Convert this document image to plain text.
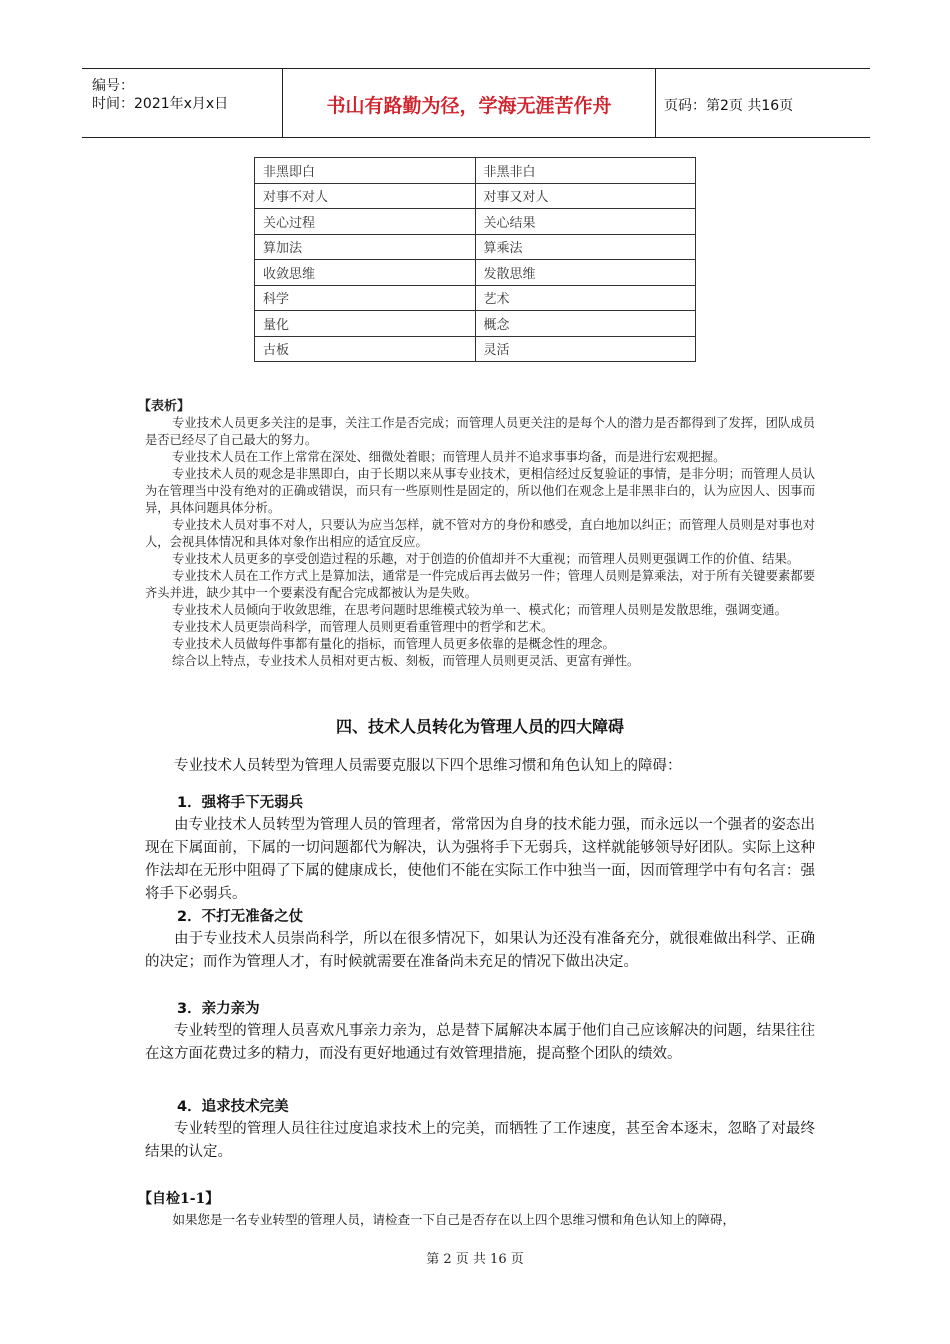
编号：
时间：2021年x月x日	书山有路勤为径，学海无涯苦作舟	页码：第2页 共16页
非黑即白	非黑非白
对事不对人	对事又对人
关心过程	关心结果
算加法	算乘法
收敛思维	发散思维
科学	艺术
量化	概念
古板	灵活
【表析】

专业技术人员更多关注的是事，关注工作是否完成；而管理人员更关注的是每个人的潜力是否都得到了发挥，团队成员是否已经尽了自己最大的努力。

专业技术人员在工作上常常在深处、细微处着眼；而管理人员并不追求事事均备，而是进行宏观把握。

专业技术人员的观念是非黑即白，由于长期以来从事专业技术，更相信经过反复验证的事情，是非分明；而管理人员认为在管理当中没有绝对的正确或错误，而只有一些原则性是固定的，所以他们在观念上是非黑非白的，认为应因人、因事而异，具体问题具体分析。

专业技术人员对事不对人，只要认为应当怎样，就不管对方的身份和感受，直白地加以纠正；而管理人员则是对事也对人，会视具体情况和具体对象作出相应的适宜反应。

专业技术人员更多的享受创造过程的乐趣，对于创造的价值却并不大重视；而管理人员则更强调工作的价值、结果。

专业技术人员在工作方式上是算加法，通常是一件完成后再去做另一件；管理人员则是算乘法，对于所有关键要素都要齐头并进，缺少其中一个要素没有配合完成都被认为是失败。

专业技术人员倾向于收敛思维，在思考问题时思维模式较为单一、模式化；而管理人员则是发散思维，强调变通。

专业技术人员更崇尚科学，而管理人员则更看重管理中的哲学和艺术。

专业技术人员做每件事都有量化的指标，而管理人员更多依靠的是概念性的理念。

综合以上特点，专业技术人员相对更古板、刻板，而管理人员则更灵活、更富有弹性。

四、技术人员转化为管理人员的四大障碍
专业技术人员转型为管理人员需要克服以下四个思维习惯和角色认知上的障碍：
1．强将手下无弱兵

由专业技术人员转型为管理人员的管理者，常常因为自身的技术能力强，而永远以一个强者的姿态出现在下属面前，下属的一切问题都代为解决，认为强将手下无弱兵，这样就能够领导好团队。实际上这种作法却在无形中阻碍了下属的健康成长，使他们不能在实际工作中独当一面，因而管理学中有句名言：强将手下必弱兵。

2．不打无准备之仗

由于专业技术人员崇尚科学，所以在很多情况下，如果认为还没有准备充分，就很难做出科学、正确的决定；而作为管理人才，有时候就需要在准备尚未充足的情况下做出决定。

3．亲力亲为

专业转型的管理人员喜欢凡事亲力亲为，总是替下属解决本属于他们自己应该解决的问题，结果往往在这方面花费过多的精力，而没有更好地通过有效管理措施，提高整个团队的绩效。

4．追求技术完美

专业转型的管理人员往往过度追求技术上的完美，而牺牲了工作速度，甚至舍本逐末，忽略了对最终结果的认定。

【自检1-1】

如果您是一名专业转型的管理人员，请检查一下自己是否存在以上四个思维习惯和角色认知上的障碍，

第 2 页 共 16 页
